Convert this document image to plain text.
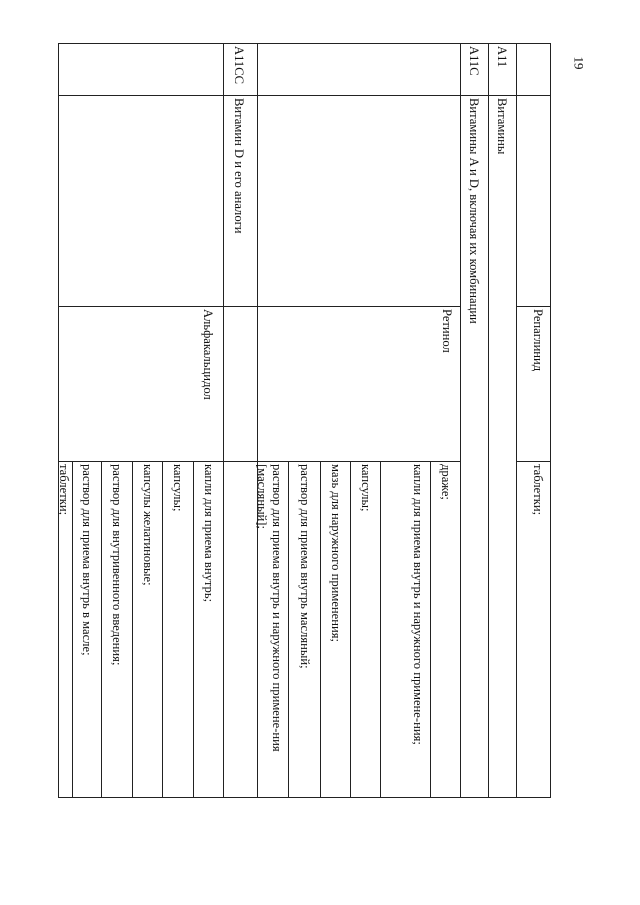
19
Репаглинид
таблетки;
A11
Витамины
A11C
Витамины A и D, включая их комбинации
Ретинол
драже;
капли для приема внутрь и наружного примене-ния;
капсулы;
мазь для наружного применения;
раствор для приема внутрь масляный;
раствор для приема внутрь и наружного примене-ния [масляный];
A11CC
Витамин D и его аналоги
Альфакальцидол
капли для приема внутрь;
капсулы;
капсулы желатиновые;
раствор для внутривенного введения;
раствор для приема внутрь в масле;
таблетки;
